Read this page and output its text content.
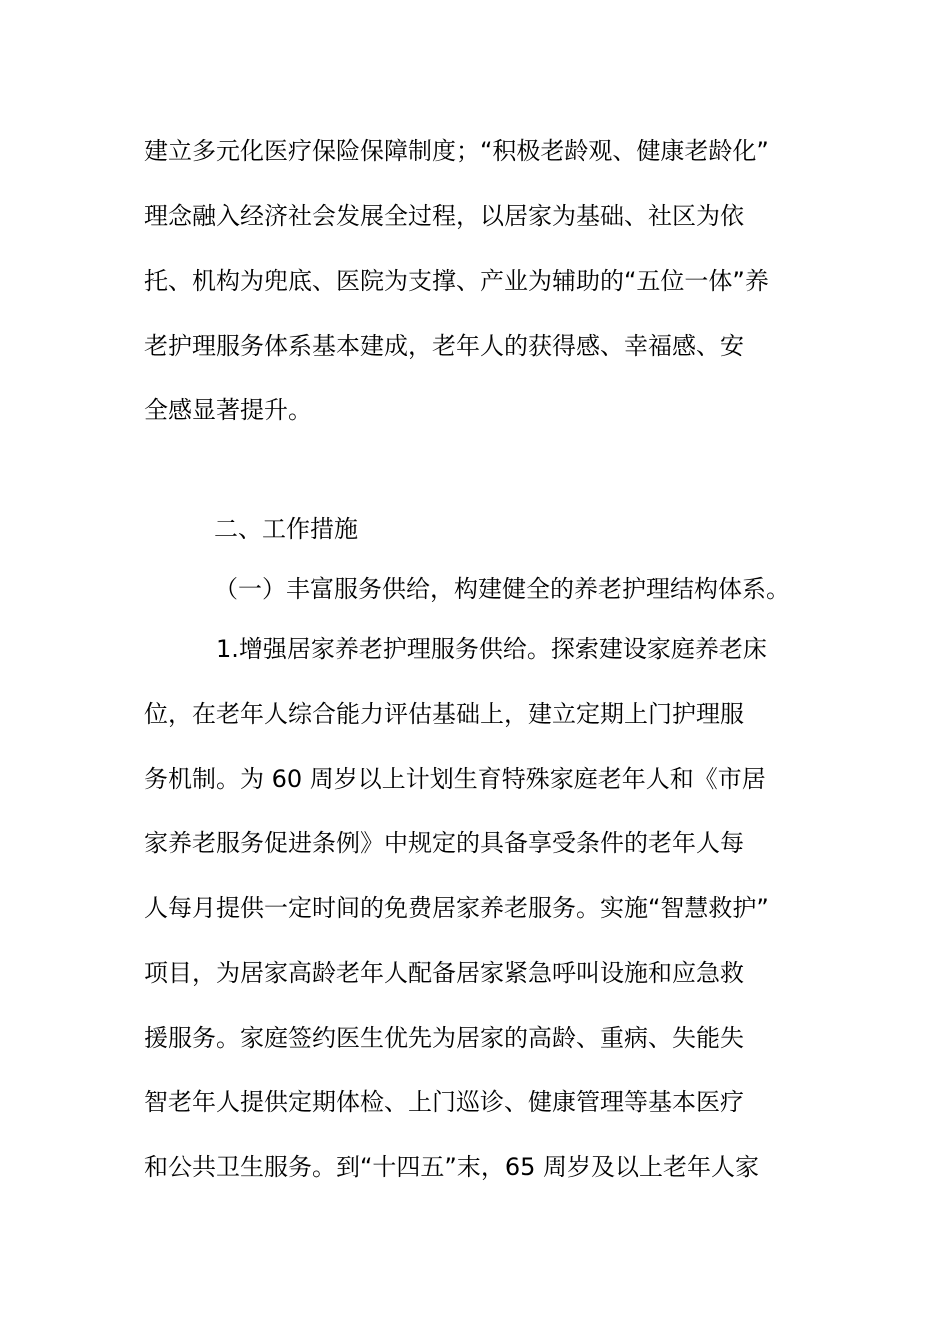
建立多元化医疗保险保障制度；“积极老龄观、健康老龄化”
理念融入经济社会发展全过程，以居家为基础、社区为依
托、机构为兜底、医院为支撑、产业为辅助的“五位一体”养
老护理服务体系基本建成，老年人的获得感、幸福感、安
全感显著提升。
二、工作措施
（一）丰富服务供给，构建健全的养老护理结构体系。
1.增强居家养老护理服务供给。探索建设家庭养老床
位，在老年人综合能力评估基础上，建立定期上门护理服
务机制。为 60 周岁以上计划生育特殊家庭老年人和《市居
家养老服务促进条例》中规定的具备享受条件的老年人每
人每月提供一定时间的免费居家养老服务。实施“智慧救护”
项目，为居家高龄老年人配备居家紧急呼叫设施和应急救
援服务。家庭签约医生优先为居家的高龄、重病、失能失
智老年人提供定期体检、上门巡诊、健康管理等基本医疗
和公共卫生服务。到“十四五”末，65 周岁及以上老年人家
